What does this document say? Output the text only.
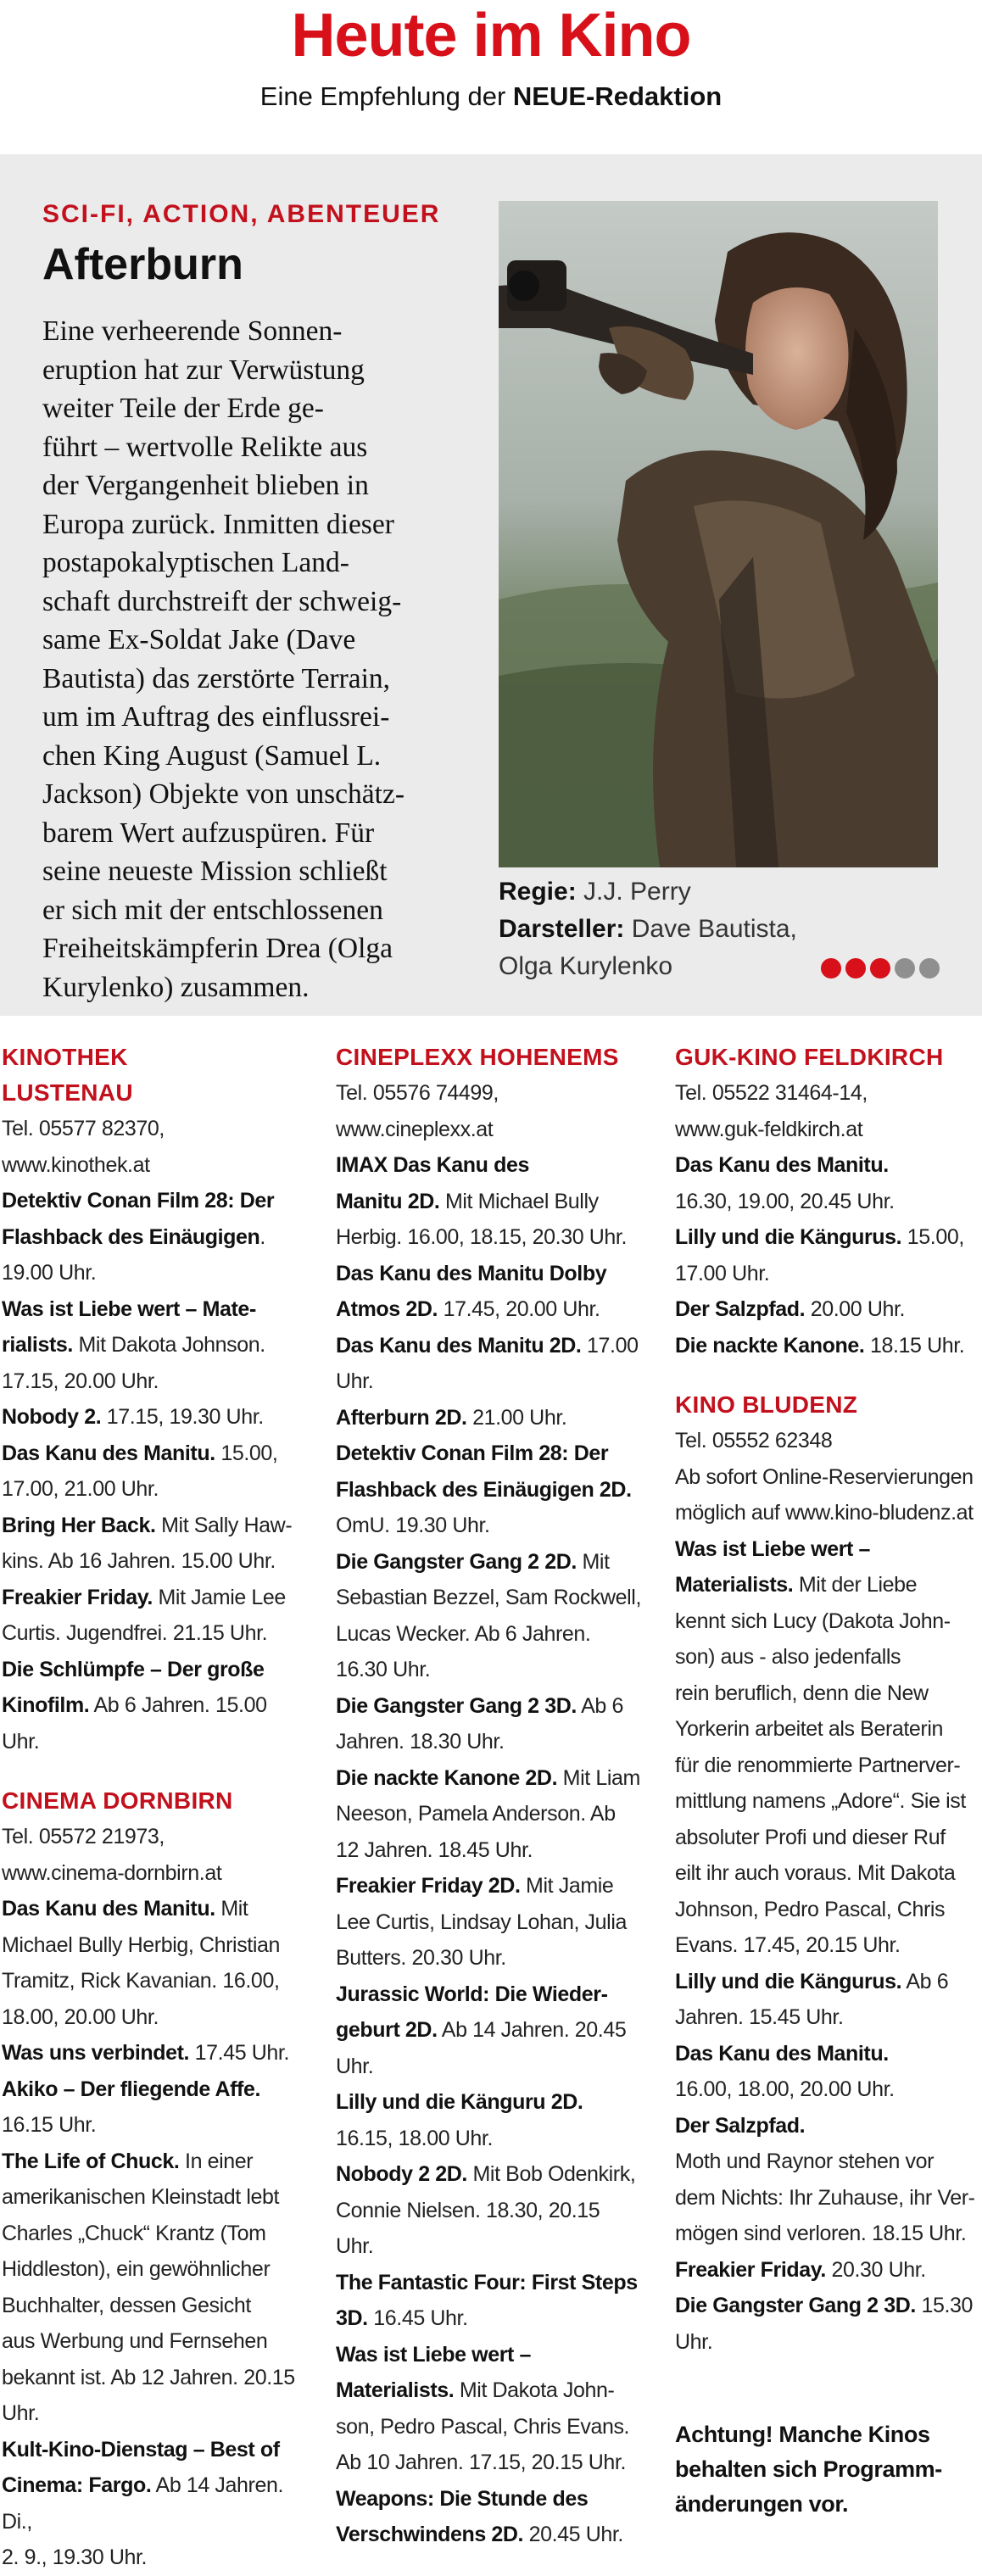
Heute im Kino
Eine Empfehlung der NEUE-Redaktion
SCI-FI, ACTION, ABENTEUER
Afterburn
Eine verheerende Sonnen-
eruption hat zur Verwüstung
weiter Teile der Erde ge-
führt – wertvolle Relikte aus
der Vergangenheit blieben in
Europa zurück. Inmitten dieser
postapokalyptischen Land-
schaft durchstreift der schweig-
same Ex-Soldat Jake (Dave
Bautista) das zerstörte Terrain,
um im Auftrag des einflussrei-
chen King August (Samuel L.
Jackson) Objekte von unschätz-
barem Wert aufzuspüren. Für
seine neueste Mission schließt
er sich mit der entschlossenen
Freiheitskämpferin Drea (Olga
Kurylenko) zusammen.
Regie: J.J. Perry
Darsteller: Dave Bautista,
Olga Kurylenko
KINOTHEK
LUSTENAU
Tel. 05577 82370, www.kinothek.at
Detektiv Conan Film 28: Der
Flashback des Einäugigen.
19.00 Uhr.
Was ist Liebe wert – Mate-
rialists. Mit Dakota Johnson.
17.15, 20.00 Uhr.
Nobody 2. 17.15, 19.30 Uhr.
Das Kanu des Manitu. 15.00,
17.00, 21.00 Uhr.
Bring Her Back. Mit Sally Haw-
kins. Ab 16 Jahren. 15.00 Uhr.
Freakier Friday. Mit Jamie Lee
Curtis. Jugendfrei. 21.15 Uhr.
Die Schlümpfe – Der große
Kinofilm. Ab 6 Jahren. 15.00 Uhr.
CINEMA DORNBIRN
Tel. 05572 21973,
www.cinema-dornbirn.at
Das Kanu des Manitu. Mit
Michael Bully Herbig, Christian
Tramitz, Rick Kavanian. 16.00,
18.00, 20.00 Uhr.
Was uns verbindet. 17.45 Uhr.
Akiko – Der fliegende Affe.
16.15 Uhr.
The Life of Chuck. In einer
amerikanischen Kleinstadt lebt
Charles „Chuck“ Krantz (Tom
Hiddleston), ein gewöhnlicher
Buchhalter, dessen Gesicht
aus Werbung und Fernsehen
bekannt ist. Ab 12 Jahren. 20.15
Uhr.
Kult-Kino-Dienstag – Best of
Cinema: Fargo. Ab 14 Jahren. Di.,
2. 9., 19.30 Uhr.
CINEPLEXX HOHENEMS
Tel. 05576 74499, www.cineplexx.at
IMAX Das Kanu des
Manitu 2D. Mit Michael Bully
Herbig. 16.00, 18.15, 20.30 Uhr.
Das Kanu des Manitu Dolby
Atmos 2D. 17.45, 20.00 Uhr.
Das Kanu des Manitu 2D. 17.00
Uhr.
Afterburn 2D. 21.00 Uhr.
Detektiv Conan Film 28: Der
Flashback des Einäugigen 2D.
OmU. 19.30 Uhr.
Die Gangster Gang 2 2D. Mit
Sebastian Bezzel, Sam Rockwell,
Lucas Wecker. Ab 6 Jahren.
16.30 Uhr.
Die Gangster Gang 2 3D. Ab 6
Jahren. 18.30 Uhr.
Die nackte Kanone 2D. Mit Liam
Neeson, Pamela Anderson. Ab
12 Jahren. 18.45 Uhr.
Freakier Friday 2D. Mit Jamie
Lee Curtis, Lindsay Lohan, Julia
Butters. 20.30 Uhr.
Jurassic World: Die Wieder-
geburt 2D. Ab 14 Jahren. 20.45
Uhr.
Lilly und die Känguru 2D.
16.15, 18.00 Uhr.
Nobody 2 2D. Mit Bob Odenkirk,
Connie Nielsen. 18.30, 20.15 Uhr.
The Fantastic Four: First Steps
3D. 16.45 Uhr.
Was ist Liebe wert –
Materialists. Mit Dakota John-
son, Pedro Pascal, Chris Evans.
Ab 10 Jahren. 17.15, 20.15 Uhr.
Weapons: Die Stunde des
Verschwindens 2D. 20.45 Uhr.
GUK-KINO FELDKIRCH
Tel. 05522 31464-14,
www.guk-feldkirch.at
Das Kanu des Manitu.
16.30, 19.00, 20.45 Uhr.
Lilly und die Kängurus. 15.00,
17.00 Uhr.
Der Salzpfad. 20.00 Uhr.
Die nackte Kanone. 18.15 Uhr.
KINO BLUDENZ
Tel. 05552 62348
Ab sofort Online-Reservierungen
möglich auf www.kino-bludenz.at
Was ist Liebe wert –
Materialists. Mit der Liebe
kennt sich Lucy (Dakota John-
son) aus - also jedenfalls
rein beruflich, denn die New
Yorkerin arbeitet als Beraterin
für die renommierte Partnerver-
mittlung namens „Adore“. Sie ist
absoluter Profi und dieser Ruf
eilt ihr auch voraus. Mit Dakota
Johnson, Pedro Pascal, Chris
Evans. 17.45, 20.15 Uhr.
Lilly und die Kängurus. Ab 6
Jahren. 15.45 Uhr.
Das Kanu des Manitu.
16.00, 18.00, 20.00 Uhr.
Der Salzpfad.
Moth und Raynor stehen vor
dem Nichts: Ihr Zuhause, ihr Ver-
mögen sind verloren. 18.15 Uhr.
Freakier Friday. 20.30 Uhr.
Die Gangster Gang 2 3D. 15.30
Uhr.
Achtung! Manche Kinos
behalten sich Programm-
änderungen vor.
